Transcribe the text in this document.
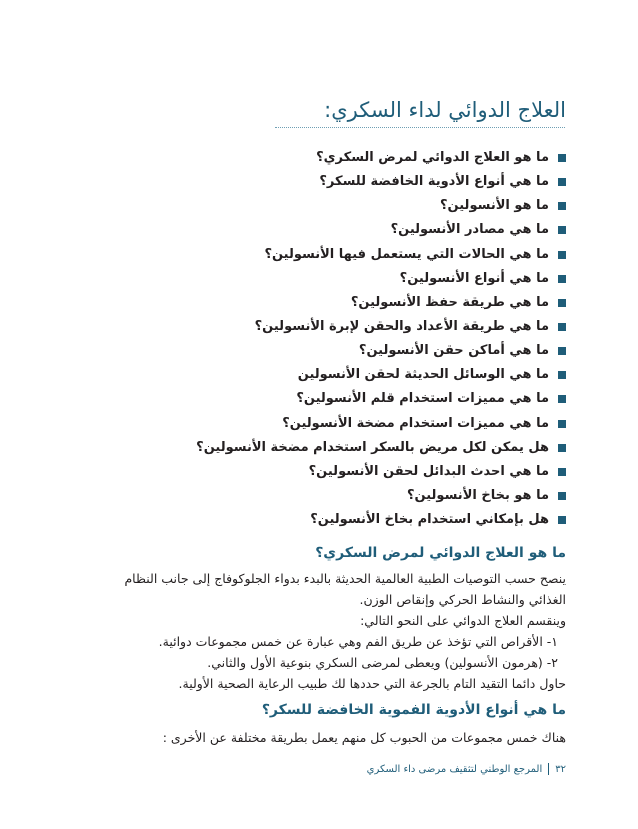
العلاج الدوائي لداء السكري:
ما هو العلاج الدوائي لمرض السكري؟
ما هي أنواع الأدوية الخافضة للسكر؟
ما هو الأنسولين؟
ما هي مصادر الأنسولين؟
ما هي الحالات التي يستعمل فيها الأنسولين؟
ما هي أنواع الأنسولين؟
ما هي طريقة حفظ الأنسولين؟
ما هي طريقة الأعداد والحقن لإبرة الأنسولين؟
ما هي أماكن حقن الأنسولين؟
ما هي الوسائل الحديثة لحقن الأنسولين
ما هي مميزات استخدام قلم الأنسولين؟
ما هي مميزات استخدام مضخة الأنسولين؟
هل يمكن لكل مريض بالسكر استخدام مضخة الأنسولين؟
ما هي احدث البدائل لحقن الأنسولين؟
ما هو بخاخ الأنسولين؟
هل بإمكاني استخدام بخاخ الأنسولين؟
ما هو العلاج الدوائي لمرض السكري؟
ينصح حسب التوصيات الطبية العالمية الحديثة بالبدء بدواء الجلوكوفاج إلى جانب النظام
الغذائي والنشاط الحركي وإنقاص الوزن.
وينقسم العلاج الدوائي على النحو التالي:
١- الأقراص التي تؤخذ عن طريق الفم وهي عبارة عن خمس مجموعات دوائية.
٢- (هرمون الأنسولين) ويعطى لمرضى السكري بنوعية الأول والثاني.
حاول دائما التقيد التام بالجرعة التي حددها لك طبيب الرعاية الصحية الأولية.
ما هي أنواع الأدوية الفموية الخافضة للسكر؟
هناك خمس مجموعات من الحبوب كل منهم يعمل بطريقة مختلفة عن الأخرى :
٣٢
المرجع الوطني لتثقيف مرضى داء السكري
